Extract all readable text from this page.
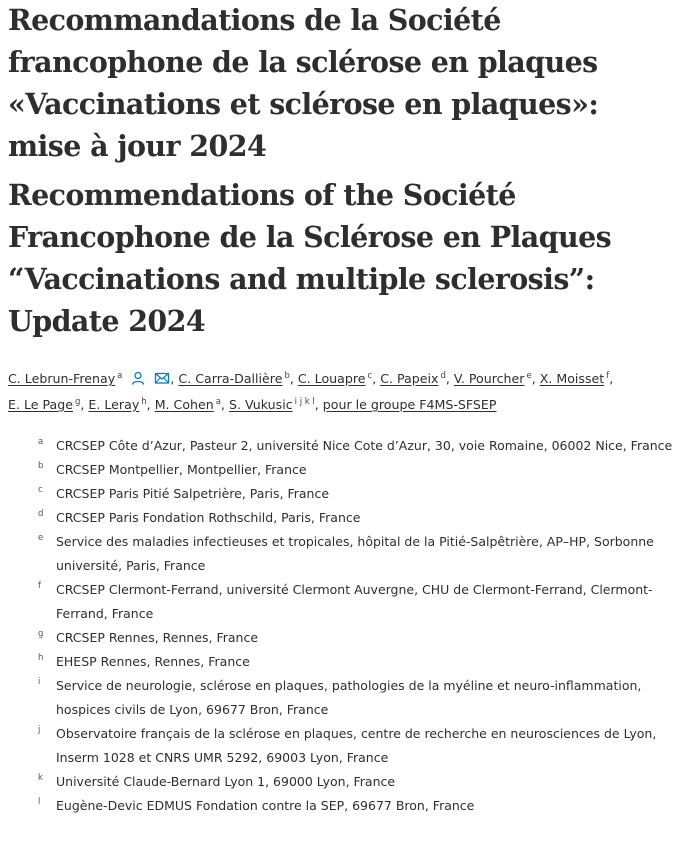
Recommandations de la Société francophone de la sclérose en plaques «Vaccinations et sclérose en plaques»: mise à jour 2024
Recommendations of the Société Francophone de la Sclérose en Plaques “Vaccinations and multiple sclerosis”: Update 2024
C. Lebrun-Frenay $^a$
	, C. Carra-Dallière $^b$, C. Louapre $^c$, C. Papeix $^d$, V. Pourcher $^e$, X. Moisset $^f$,
E. Le Page $^g$, E. Leray $^h$, M. Cohen $^a$, S. Vukusic $^{i j k l}$, pour le groupe F4MS-SFSEP
a CRCSEP Côte d’Azur, Pasteur 2, université Nice Cote d’Azur, 30, voie Romaine, 06002 Nice, France
b CRCSEP Montpellier, Montpellier, France
c CRCSEP Paris Pitié Salpetrière, Paris, France
d CRCSEP Paris Fondation Rothschild, Paris, France
e Service des maladies infectieuses et tropicales, hôpital de la Pitié-Salpêtrière, AP–HP, Sorbonne université, Paris, France
f CRCSEP Clermont-Ferrand, université Clermont Auvergne, CHU de Clermont-Ferrand, Clermont-Ferrand, France
g CRCSEP Rennes, Rennes, France
h EHESP Rennes, Rennes, France
i Service de neurologie, sclérose en plaques, pathologies de la myéline et neuro-inflammation, hospices civils de Lyon, 69677 Bron, France
j Observatoire français de la sclérose en plaques, centre de recherche en neurosciences de Lyon, Inserm 1028 et CNRS UMR 5292, 69003 Lyon, France
k Université Claude-Bernard Lyon 1, 69000 Lyon, France
l Eugène-Devic EDMUS Fondation contre la SEP, 69677 Bron, France
